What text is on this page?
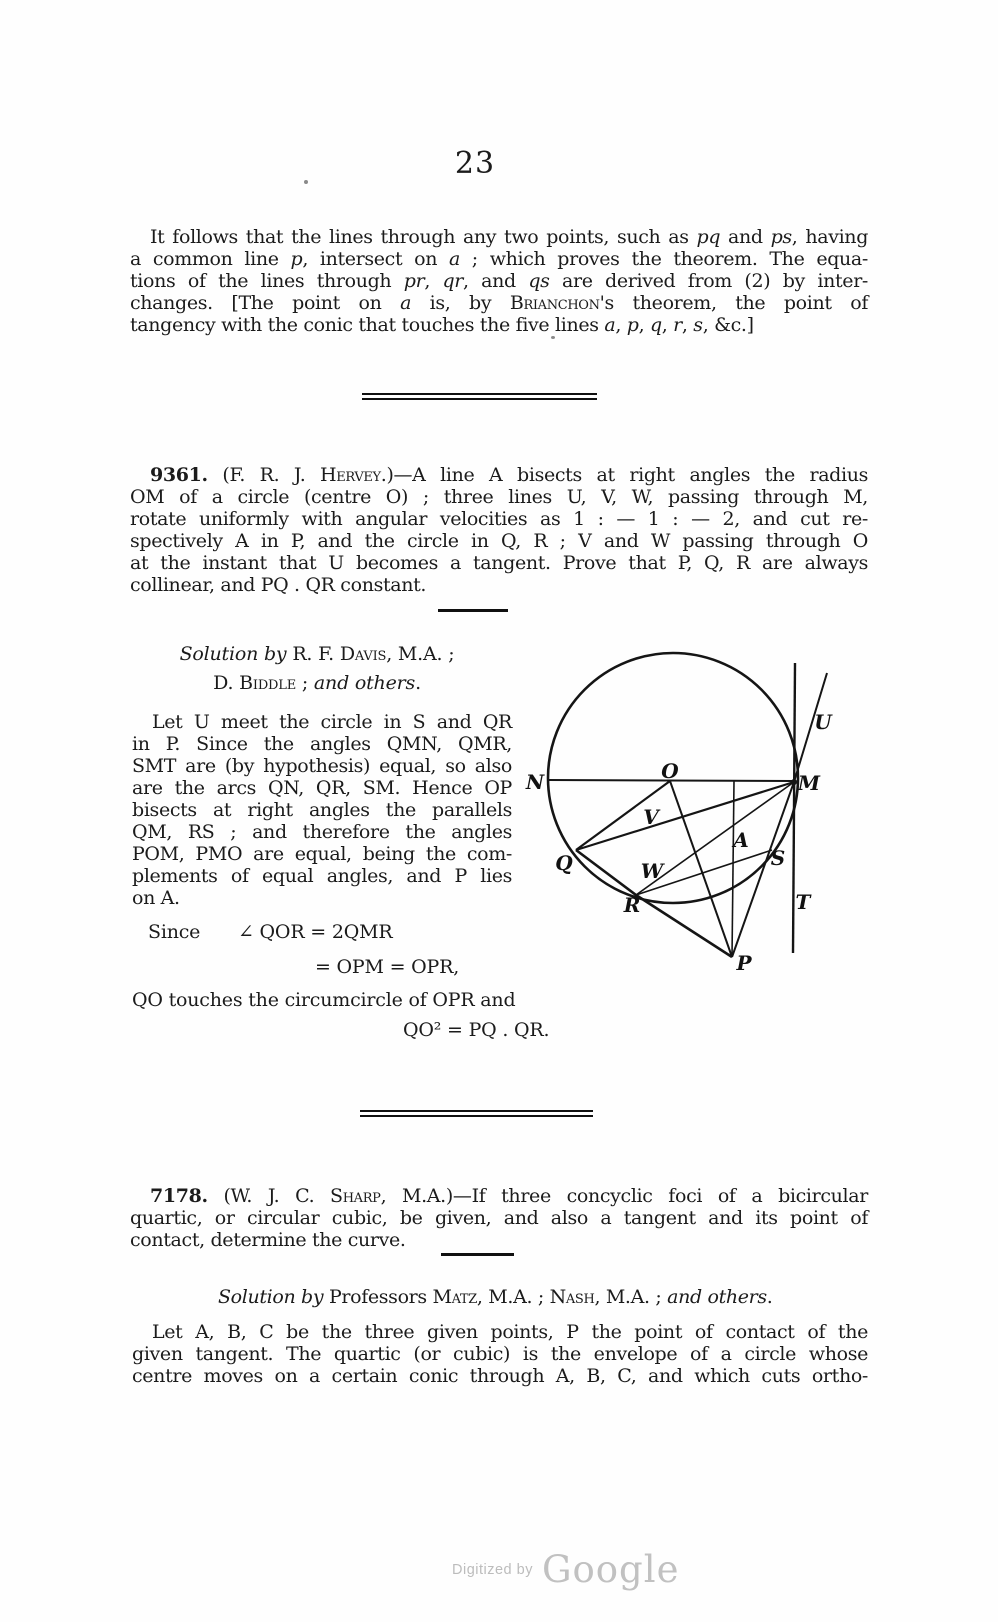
23
It follows that the lines through any two points, such as pq and ps, having
a common line p, intersect on a ; which proves the theorem. The equa-
tions of the lines through pr, qr, and qs are derived from (2) by inter-
changes. [The point on a is, by Brianchon's theorem, the point of
tangency with the conic that touches the five lines a, p, q, r, s, &c.]
9361. (F. R. J. Hervey.)—A line A bisects at right angles the radius
OM of a circle (centre O) ; three lines U, V, W, passing through M,
rotate uniformly with angular velocities as 1 : — 1 : — 2, and cut re-
spectively A in P, and the circle in Q, R ; V and W passing through O
at the instant that U becomes a tangent. Prove that P, Q, R are always
collinear, and PQ . QR constant.
Solution by R. F. Davis, M.A. ;
D. Biddle ; and others.
Let U meet the circle in S and QR
in P. Since the angles QMN, QMR,
SMT are (by hypothesis) equal, so also
are the arcs QN, QR, SM. Hence OP
bisects at right angles the parallels
QM, RS ; and therefore the angles
POM, PMO are equal, being the com-
plements of equal angles, and P lies
on A.
N	O	M
U
T
Q
R
S
P
V
W
A
7178. (W. J. C. Sharp, M.A.)—If three concyclic foci of a bicircular
quartic, or circular cubic, be given, and also a tangent and its point of
contact, determine the curve.
Solution by Professors Matz, M.A. ; Nash, M.A. ; and others.
Let A, B, C be the three given points, P the point of contact of the
given tangent. The quartic (or cubic) is the envelope of a circle whose
centre moves on a certain conic through A, B, C, and which cuts ortho-
Digitized by Google
Since ∠ QOR = 2QMR
= OPM = OPR,
QO touches the circumcircle of OPR and
QO² = PQ . QR.
